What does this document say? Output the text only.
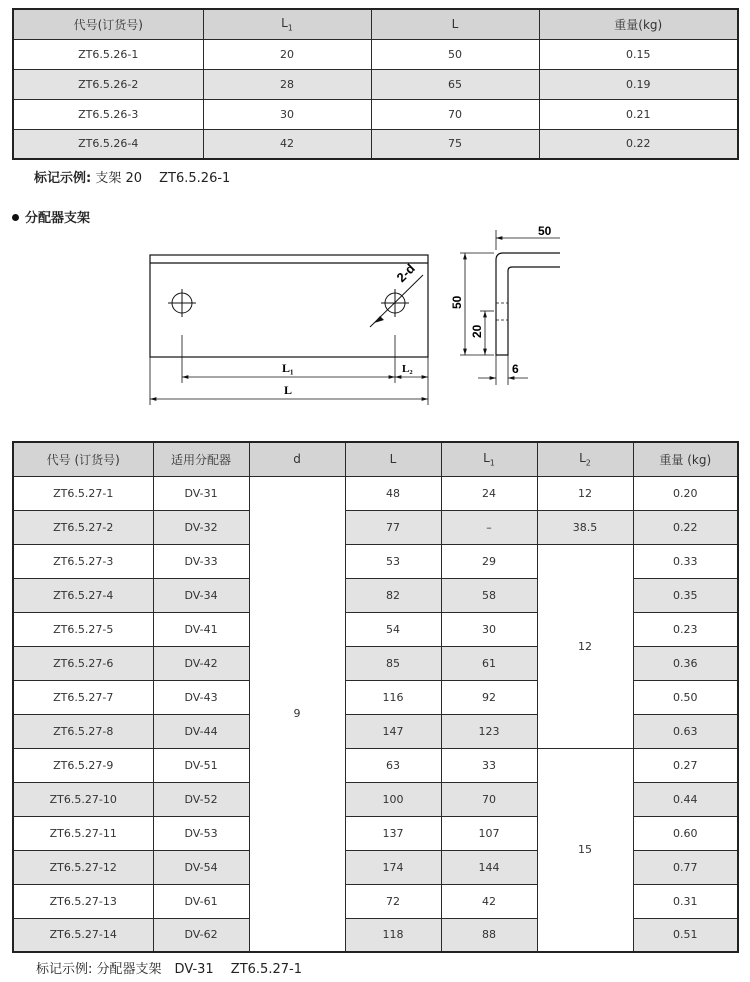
代号(订货号)	$L_1$	L	重量(kg)
ZT6.5.26-1	20	50	0.15
ZT6.5.26-2	28	65	0.19
ZT6.5.26-3	30	70	0.21
ZT6.5.26-4	42	75	0.22
标记示例: 支架 20　 ZT6.5.26-1
分配器支架
2-d
L₁	L₂
L
50
50
20
6
代号 (订货号)	适用分配器	d	L	$L_1$	$L_2$	重量 (kg)
ZT6.5.27-1	DV-31	9	48	24	12	0.20
ZT6.5.27-2	DV-32		77	–	38.5	0.22
ZT6.5.27-3	DV-33		53	29	12	0.33
ZT6.5.27-4	DV-34		82	58		0.35
ZT6.5.27-5	DV-41		54	30		0.23
ZT6.5.27-6	DV-42		85	61		0.36
ZT6.5.27-7	DV-43		116	92		0.50
ZT6.5.27-8	DV-44		147	123		0.63
ZT6.5.27-9	DV-51		63	33	15	0.27
ZT6.5.27-10	DV-52		100	70		0.44
ZT6.5.27-11	DV-53		137	107		0.60
ZT6.5.27-12	DV-54		174	144		0.77
ZT6.5.27-13	DV-61		72	42		0.31
ZT6.5.27-14	DV-62		118	88		0.51
标记示例: 分配器支架　DV-31　 ZT6.5.27-1
